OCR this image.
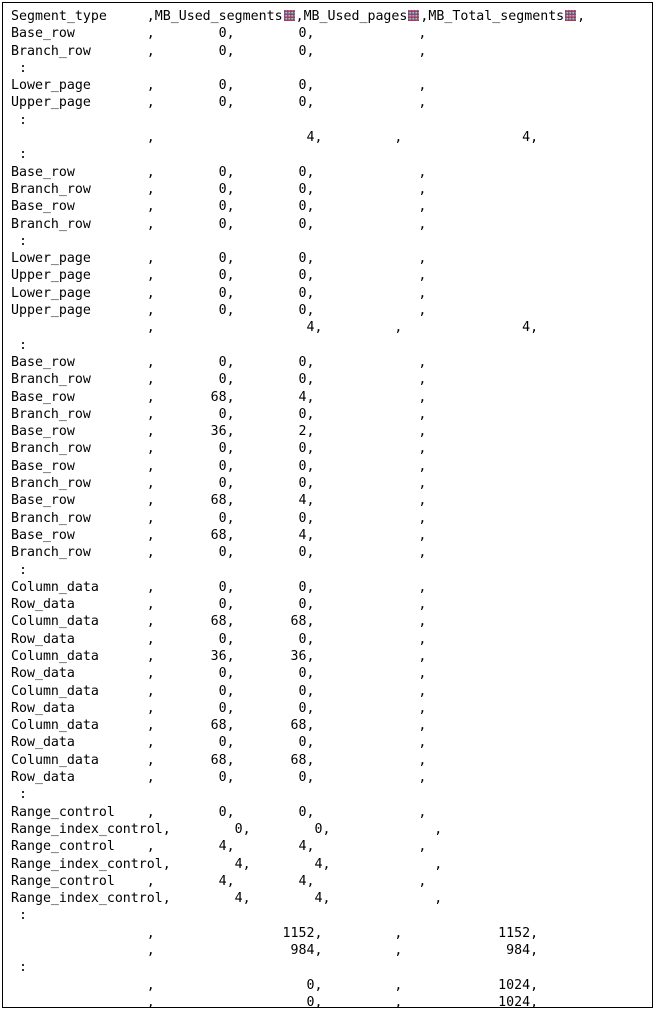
Segment_type     ,MB_Used_segments ,MB_Used_pages ,MB_Total_segments ,
Base_row         ,        0,        0,             ,
Branch_row       ,        0,        0,             ,
:
Lower_page       ,        0,        0,             ,
Upper_page       ,        0,        0,             ,
:
,                   4,         ,               4,
:
Base_row         ,        0,        0,             ,
Branch_row       ,        0,        0,             ,
Base_row         ,        0,        0,             ,
Branch_row       ,        0,        0,             ,
:
Lower_page       ,        0,        0,             ,
Upper_page       ,        0,        0,             ,
Lower_page       ,        0,        0,             ,
Upper_page       ,        0,        0,             ,
,                   4,         ,               4,
:
Base_row         ,        0,        0,             ,
Branch_row       ,        0,        0,             ,
Base_row         ,       68,        4,             ,
Branch_row       ,        0,        0,             ,
Base_row         ,       36,        2,             ,
Branch_row       ,        0,        0,             ,
Base_row         ,        0,        0,             ,
Branch_row       ,        0,        0,             ,
Base_row         ,       68,        4,             ,
Branch_row       ,        0,        0,             ,
Base_row         ,       68,        4,             ,
Branch_row       ,        0,        0,             ,
:
Column_data      ,        0,        0,             ,
Row_data         ,        0,        0,             ,
Column_data      ,       68,       68,             ,
Row_data         ,        0,        0,             ,
Column_data      ,       36,       36,             ,
Row_data         ,        0,        0,             ,
Column_data      ,        0,        0,             ,
Row_data         ,        0,        0,             ,
Column_data      ,       68,       68,             ,
Row_data         ,        0,        0,             ,
Column_data      ,       68,       68,             ,
Row_data         ,        0,        0,             ,
:
Range_control    ,        0,        0,             ,
Range_index_control,        0,        0,             ,
Range_control    ,        4,        4,             ,
Range_index_control,        4,        4,             ,
Range_control    ,        4,        4,             ,
Range_index_control,        4,        4,             ,
:
,                1152,         ,            1152,
,                 984,         ,             984,
:
,                   0,         ,            1024,
,                   0,         ,            1024,
